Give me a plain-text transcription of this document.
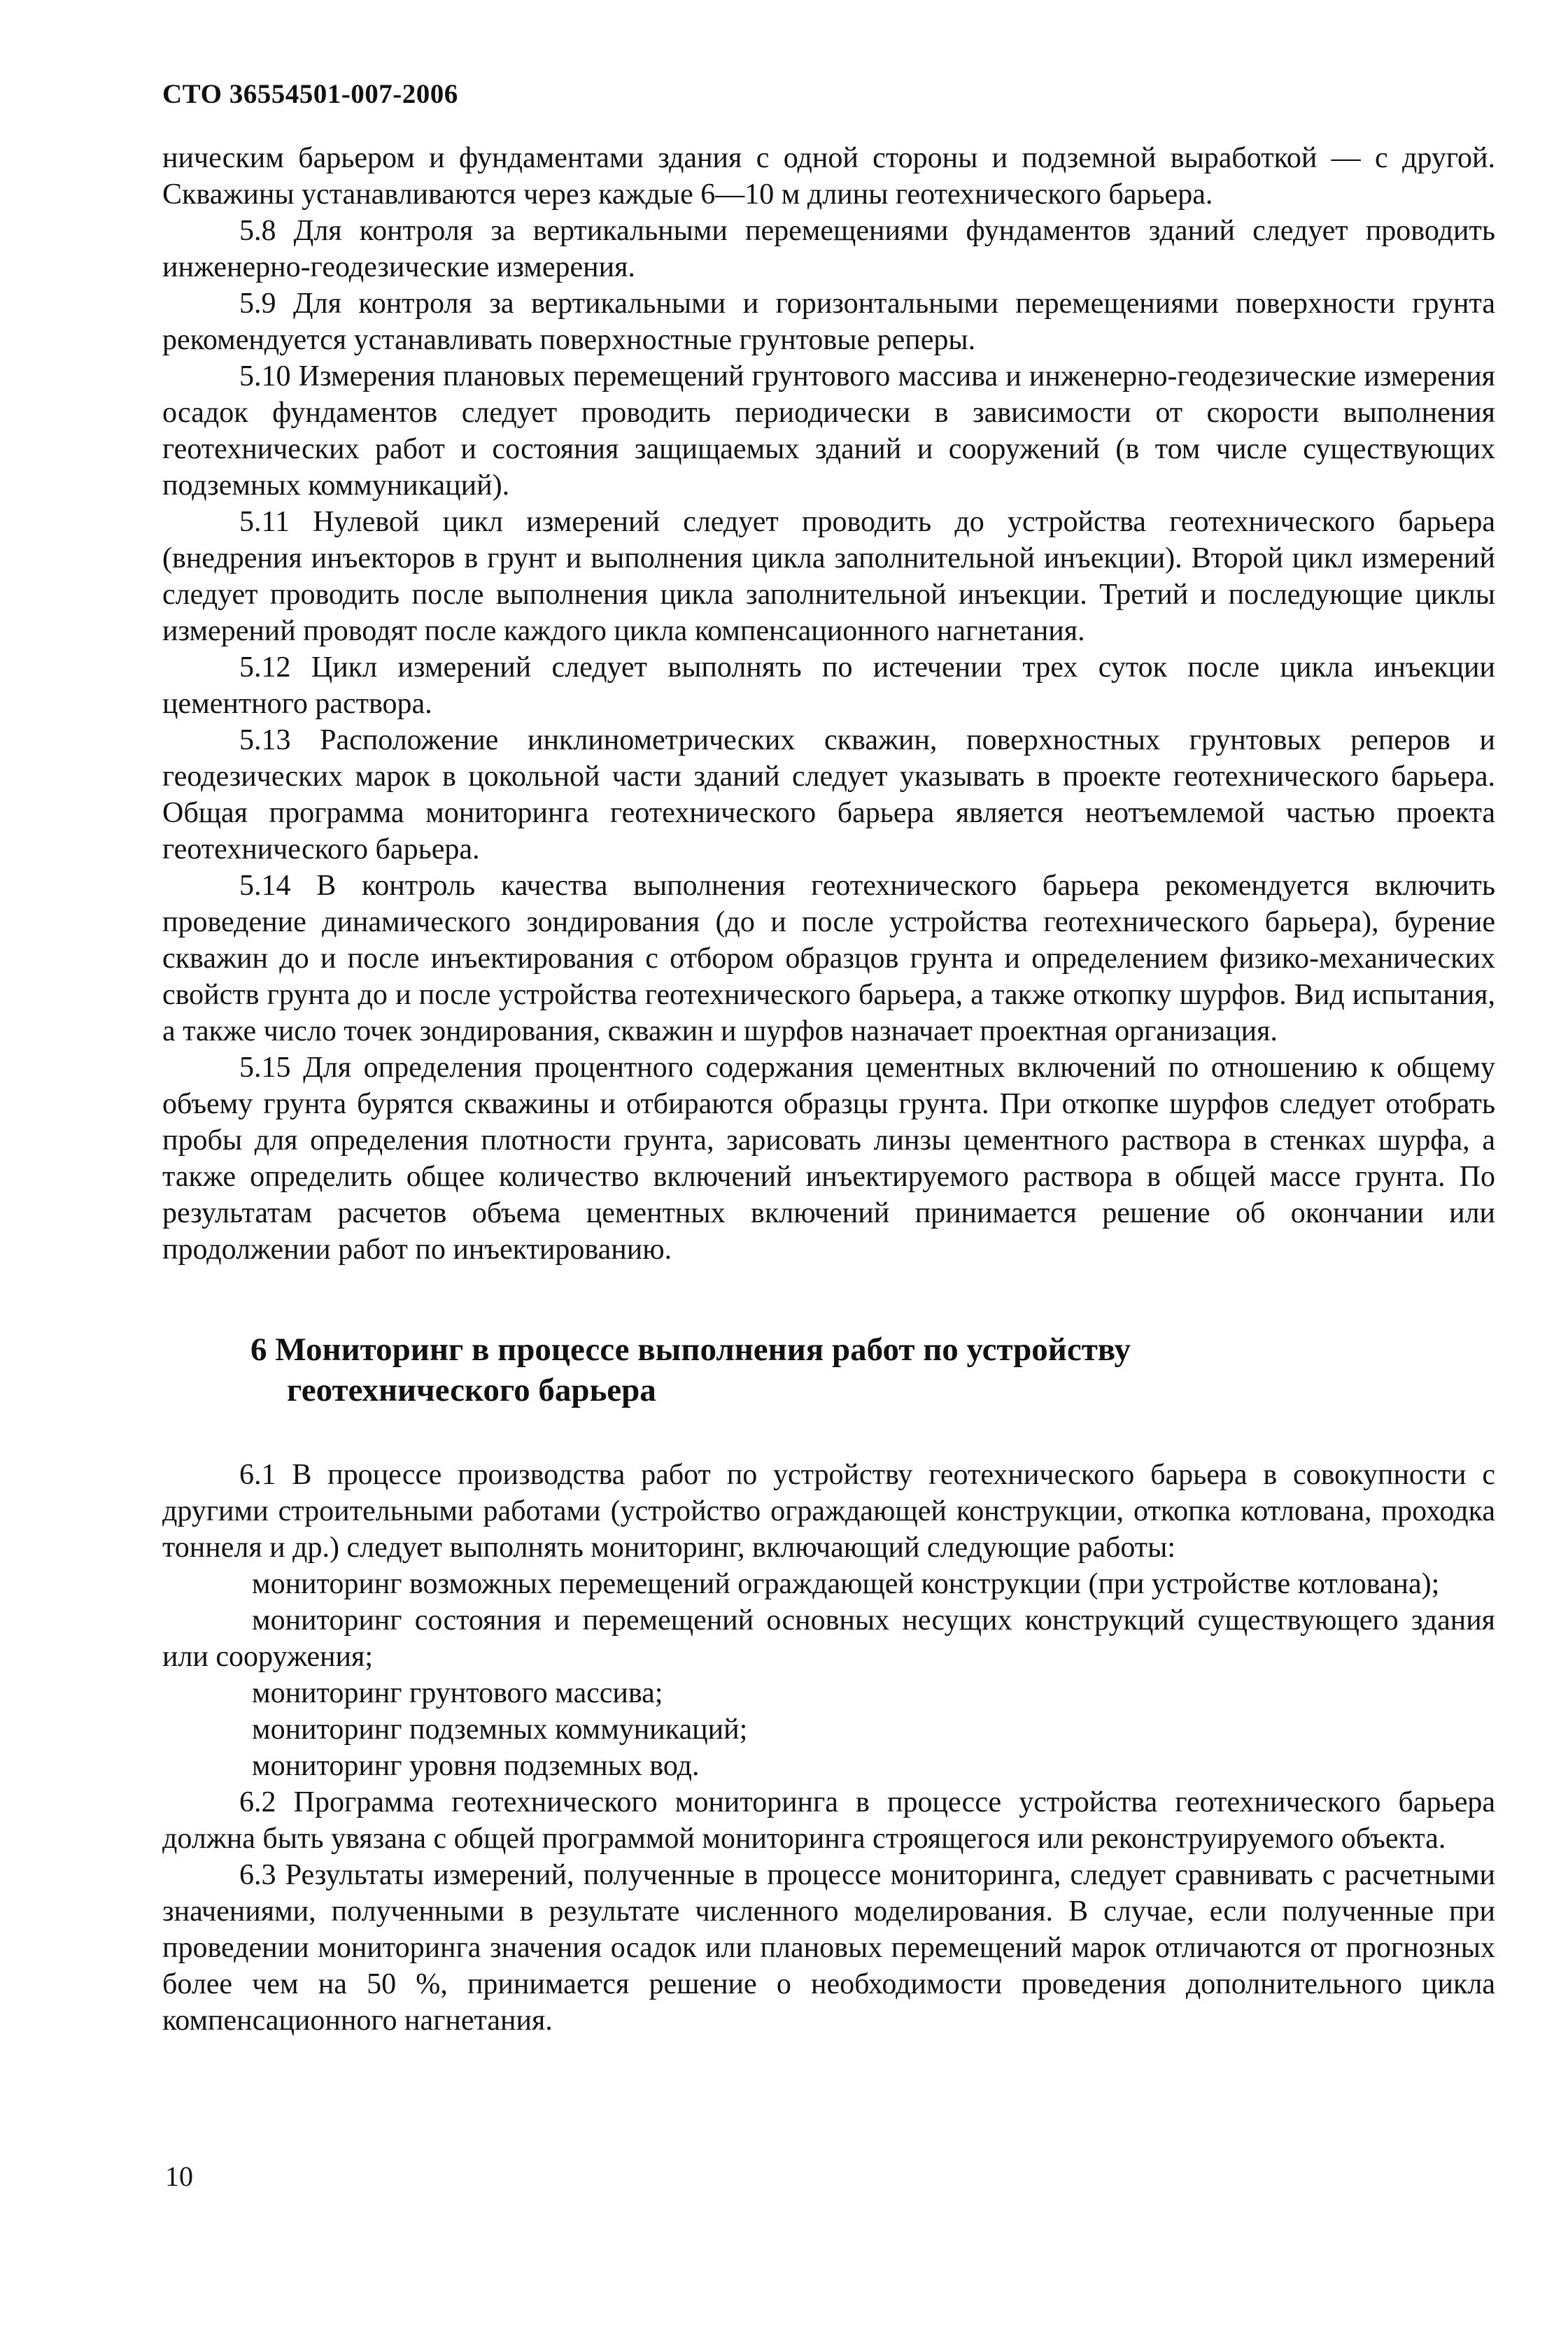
СТО 36554501-007-2006

ническим барьером и фундаментами здания с одной стороны и подземной выработкой — с другой. Скважины устанавливаются через каждые 6—10 м длины геотехнического барьера.

5.8 Для контроля за вертикальными перемещениями фундаментов зданий следует проводить инженерно-геодезические измерения.

5.9 Для контроля за вертикальными и горизонтальными перемещениями поверхности грунта рекомендуется устанавливать поверхностные грунтовые реперы.

5.10 Измерения плановых перемещений грунтового массива и инженерно-геодезические измерения осадок фундаментов следует проводить периодически в зависимости от скорости выполнения геотехнических работ и состояния защищаемых зданий и сооружений (в том числе существующих подземных коммуникаций).

5.11 Нулевой цикл измерений следует проводить до устройства геотехнического барьера (внедрения инъекторов в грунт и выполнения цикла заполнительной инъекции). Второй цикл измерений следует проводить после выполнения цикла заполнительной инъекции. Третий и последующие циклы измерений проводят после каждого цикла компенсационного нагнетания.

5.12 Цикл измерений следует выполнять по истечении трех суток после цикла инъекции цементного раствора.

5.13 Расположение инклинометрических скважин, поверхностных грунтовых реперов и геодезических марок в цокольной части зданий следует указывать в проекте геотехнического барьера. Общая программа мониторинга геотехнического барьера является неотъемлемой частью проекта геотехнического барьера.

5.14 В контроль качества выполнения геотехнического барьера рекомендуется включить проведение динамического зондирования (до и после устройства геотехнического барьера), бурение скважин до и после инъектирования с отбором образцов грунта и определением физико-механических свойств грунта до и после устройства геотехнического барьера, а также откопку шурфов. Вид испытания, а также число точек зондирования, скважин и шурфов назначает проектная организация.

5.15 Для определения процентного содержания цементных включений по отношению к общему объему грунта бурятся скважины и отбираются образцы грунта. При откопке шурфов следует отобрать пробы для определения плотности грунта, зарисовать линзы цементного раствора в стенках шурфа, а также определить общее количество включений инъектируемого раствора в общей массе грунта. По результатам расчетов объема цементных включений принимается решение об окончании или продолжении работ по инъектированию.

6 Мониторинг в процессе выполнения работ по устройству
геотехнического барьера

6.1 В процессе производства работ по устройству геотехнического барьера в совокупности с другими строительными работами (устройство ограждающей конструкции, откопка котлована, проходка тоннеля и др.) следует выполнять мониторинг, включающий следующие работы:

мониторинг возможных перемещений ограждающей конструкции (при устройстве котлована);

мониторинг состояния и перемещений основных несущих конструкций существующего здания или сооружения;

мониторинг грунтового массива;

мониторинг подземных коммуникаций;

мониторинг уровня подземных вод.

6.2 Программа геотехнического мониторинга в процессе устройства геотехнического барьера должна быть увязана с общей программой мониторинга строящегося или реконструируемого объекта.

6.3 Результаты измерений, полученные в процессе мониторинга, следует сравнивать с расчетными значениями, полученными в результате численного моделирования. В случае, если полученные при проведении мониторинга значения осадок или плановых перемещений марок отличаются от прогнозных более чем на 50 %, принимается решение о необходимости проведения дополнительного цикла компенсационного нагнетания.

10
